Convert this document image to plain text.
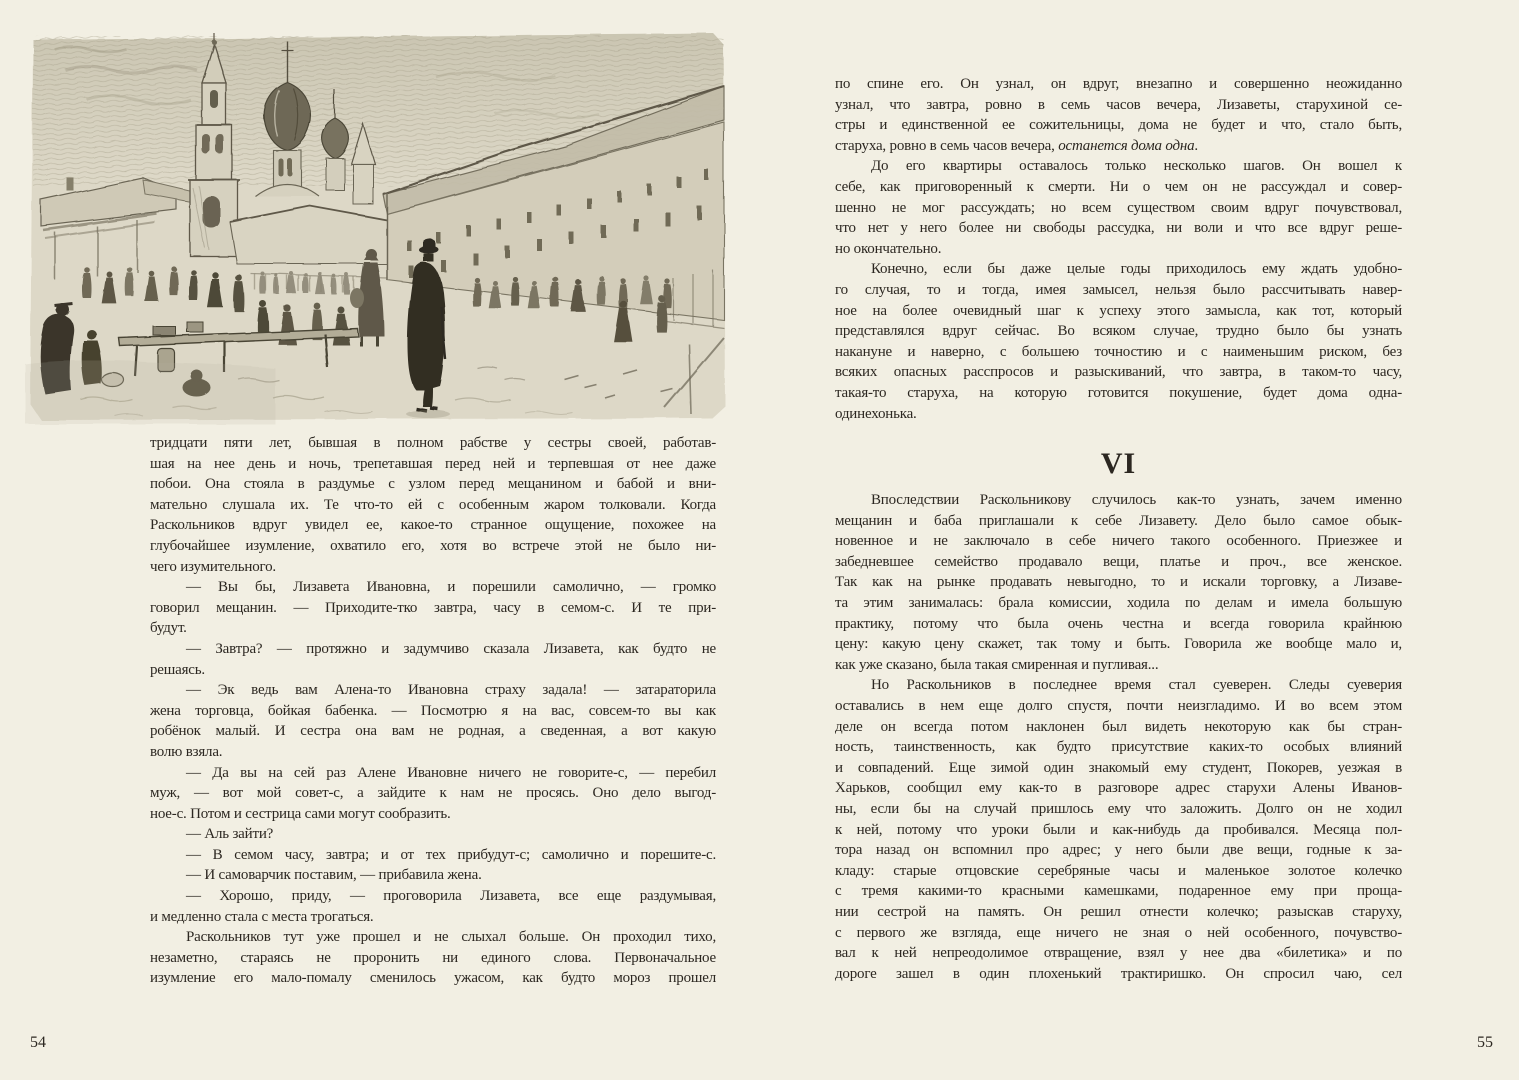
тридцати пяти лет, бывшая в полном рабстве у сестры своей, работав-
шая на нее день и ночь, трепетавшая перед ней и терпевшая от нее даже
побои. Она стояла в раздумье с узлом перед мещанином и бабой и вни-
мательно слушала их. Те что-то ей с особенным жаром толковали. Когда
Раскольников вдруг увидел ее, какое-то странное ощущение, похожее на
глубочайшее изумление, охватило его, хотя во встрече этой не было ни-
чего изумительного.
— Вы бы, Лизавета Ивановна, и порешили самолично, — громко
говорил мещанин. — Приходите-тко завтра, часу в семом-с. И те при-
будут.
— Завтра? — протяжно и задумчиво сказала Лизавета, как будто не
решаясь.
— Эк ведь вам Алена-то Ивановна страху задала! — затараторила
жена торговца, бойкая бабенка. — Посмотрю я на вас, совсем-то вы как
робёнок малый. И сестра она вам не родная, а сведенная, а вот какую
волю взяла.
— Да вы на сей раз Алене Ивановне ничего не говорите-с, — перебил
муж, — вот мой совет-с, а зайдите к нам не просясь. Оно дело выгод-
ное-с. Потом и сестрица сами могут сообразить.
— Аль зайти?
— В семом часу, завтра; и от тех прибудут-с; самолично и порешите-с.
— И самоварчик поставим, — прибавила жена.
— Хорошо, приду, — проговорила Лизавета, все еще раздумывая,
и медленно стала с места трогаться.
Раскольников тут уже прошел и не слыхал больше. Он проходил тихо,
незаметно, стараясь не проронить ни единого слова. Первоначальное
изумление его мало-помалу сменилось ужасом, как будто мороз прошел
по спине его. Он узнал, он вдруг, внезапно и совершенно неожиданно
узнал, что завтра, ровно в семь часов вечера, Лизаветы, старухиной се-
стры и единственной ее сожительницы, дома не будет и что, стало быть,
старуха, ровно в семь часов вечера, останется дома одна.
До его квартиры оставалось только несколько шагов. Он вошел к
себе, как приговоренный к смерти. Ни о чем он не рассуждал и совер-
шенно не мог рассуждать; но всем существом своим вдруг почувствовал,
что нет у него более ни свободы рассудка, ни воли и что все вдруг реше-
но окончательно.
Конечно, если бы даже целые годы приходилось ему ждать удобно-
го случая, то и тогда, имея замысел, нельзя было рассчитывать навер-
ное на более очевидный шаг к успеху этого замысла, как тот, который
представлялся вдруг сейчас. Во всяком случае, трудно было бы узнать
накануне и наверно, с большею точностию и с наименьшим риском, без
всяких опасных расспросов и разыскиваний, что завтра, в таком-то часу,
такая-то старуха, на которую готовится покушение, будет дома одна-
одинехонька.
VI
Впоследствии Раскольникову случилось как-то узнать, зачем именно
мещанин и баба приглашали к себе Лизавету. Дело было самое обык-
новенное и не заключало в себе ничего такого особенного. Приезжее и
забедневшее семейство продавало вещи, платье и проч., все женское.
Так как на рынке продавать невыгодно, то и искали торговку, а Лизаве-
та этим занималась: брала комиссии, ходила по делам и имела большую
практику, потому что была очень честна и всегда говорила крайнюю
цену: какую цену скажет, так тому и быть. Говорила же вообще мало и,
как уже сказано, была такая смиренная и пугливая...
Но Раскольников в последнее время стал суеверен. Следы суеверия
оставались в нем еще долго спустя, почти неизгладимо. И во всем этом
деле он всегда потом наклонен был видеть некоторую как бы стран-
ность, таинственность, как будто присутствие каких-то особых влияний
и совпадений. Еще зимой один знакомый ему студент, Покорев, уезжая в
Харьков, сообщил ему как-то в разговоре адрес старухи Алены Иванов-
ны, если бы на случай пришлось ему что заложить. Долго он не ходил
к ней, потому что уроки были и как-нибудь да пробивался. Месяца пол-
тора назад он вспомнил про адрес; у него были две вещи, годные к за-
кладу: старые отцовские серебряные часы и маленькое золотое колечко
с тремя какими-то красными камешками, подаренное ему при проща-
нии сестрой на память. Он решил отнести колечко; разыскав старуху,
с первого же взгляда, еще ничего не зная о ней особенного, почувство-
вал к ней непреодолимое отвращение, взял у нее два «билетика» и по
дороге зашел в один плохенький трактиришко. Он спросил чаю, сел
54	55
